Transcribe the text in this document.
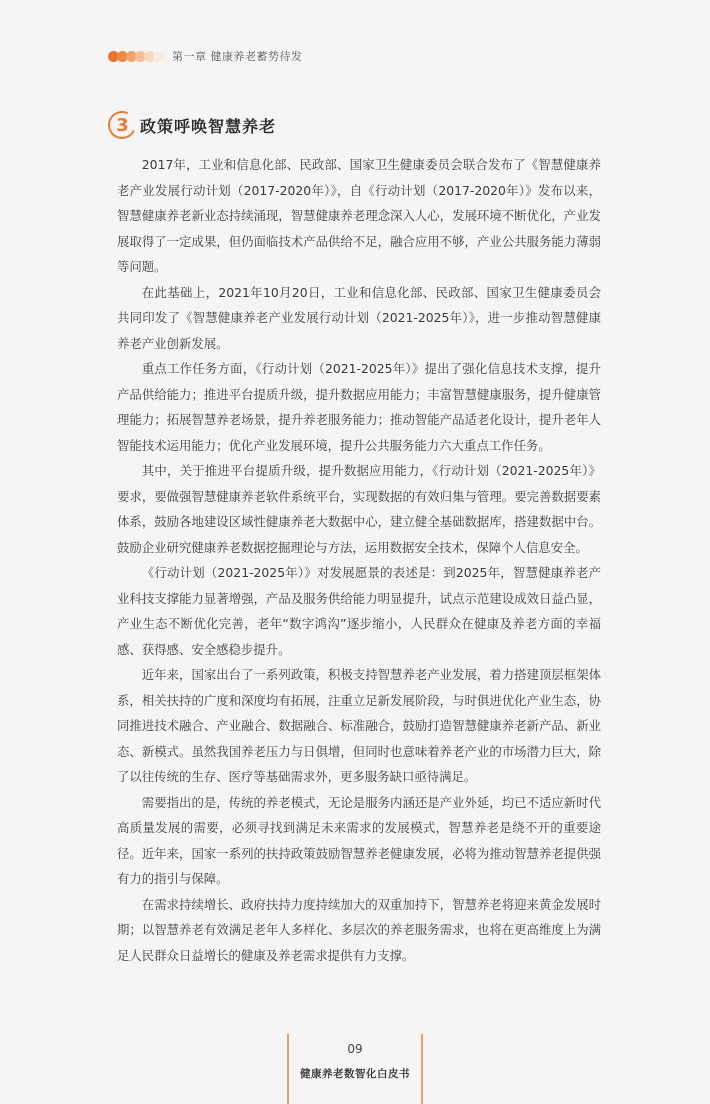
第一章 健康养老蓄势待发
3 政策呼唤智慧养老

2017年，工业和信息化部、民政部、国家卫生健康委员会联合发布了《智慧健康养老产业发展行动计划（2017-2020年）》，自《行动计划（2017-2020年）》发布以来，智慧健康养老新业态持续涌现，智慧健康养老理念深入人心，发展环境不断优化，产业发展取得了一定成果，但仍面临技术产品供给不足，融合应用不够，产业公共服务能力薄弱等问题。

在此基础上，2021年10月20日，工业和信息化部、民政部、国家卫生健康委员会共同印发了《智慧健康养老产业发展行动计划（2021-2025年）》，进一步推动智慧健康养老产业创新发展。

重点工作任务方面，《行动计划（2021-2025年）》提出了强化信息技术支撑，提升产品供给能力；推进平台提质升级，提升数据应用能力；丰富智慧健康服务，提升健康管理能力；拓展智慧养老场景，提升养老服务能力；推动智能产品适老化设计，提升老年人智能技术运用能力；优化产业发展环境，提升公共服务能力六大重点工作任务。

其中，关于推进平台提质升级，提升数据应用能力，《行动计划（2021-2025年）》要求，要做强智慧健康养老软件系统平台，实现数据的有效归集与管理。要完善数据要素体系，鼓励各地建设区域性健康养老大数据中心，建立健全基础数据库，搭建数据中台。鼓励企业研究健康养老数据挖掘理论与方法，运用数据安全技术，保障个人信息安全。

《行动计划（2021-2025年）》对发展愿景的表述是：到2025年，智慧健康养老产业科技支撑能力显著增强，产品及服务供给能力明显提升，试点示范建设成效日益凸显，产业生态不断优化完善，老年“数字鸿沟”逐步缩小，人民群众在健康及养老方面的幸福感、获得感、安全感稳步提升。

近年来，国家出台了一系列政策，积极支持智慧养老产业发展，着力搭建顶层框架体系，相关扶持的广度和深度均有拓展，注重立足新发展阶段，与时俱进优化产业生态，协同推进技术融合、产业融合、数据融合、标准融合，鼓励打造智慧健康养老新产品、新业态、新模式。虽然我国养老压力与日俱增，但同时也意味着养老产业的市场潜力巨大，除了以往传统的生存、医疗等基础需求外，更多服务缺口亟待满足。

需要指出的是，传统的养老模式，无论是服务内涵还是产业外延，均已不适应新时代高质量发展的需要，必须寻找到满足未来需求的发展模式，智慧养老是绕不开的重要途径。近年来，国家一系列的扶持政策鼓励智慧养老健康发展，必将为推动智慧养老提供强有力的指引与保障。

在需求持续增长、政府扶持力度持续加大的双重加持下，智慧养老将迎来黄金发展时期；以智慧养老有效满足老年人多样化、多层次的养老服务需求，也将在更高维度上为满足人民群众日益增长的健康及养老需求提供有力支撑。

09
健康养老数智化白皮书
